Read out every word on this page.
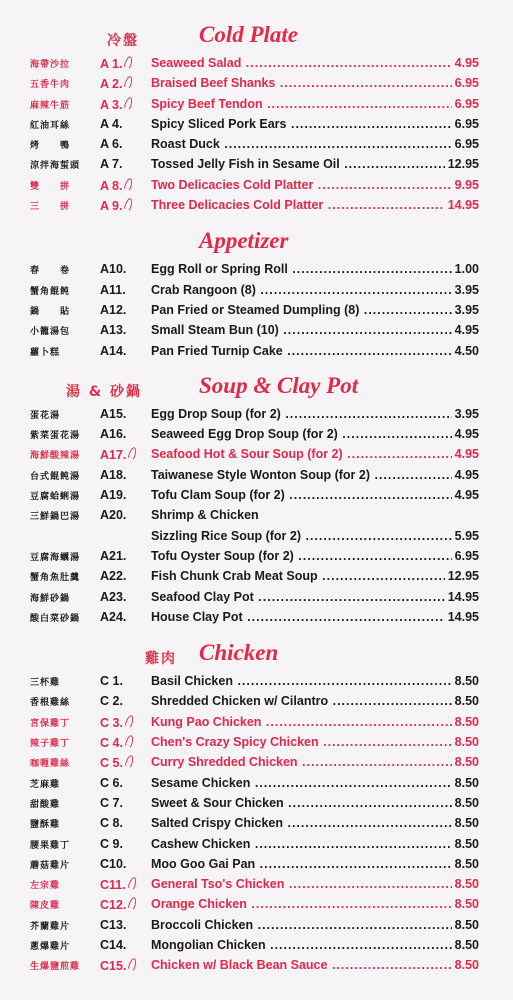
冷盤	Cold Plate
海帶沙拉	A 1.	Seaweed Salad .....	4.95
五香牛肉	A 2.	Braised Beef Shanks .....	6.95
麻辣牛筋	A 3.	Spicy Beef Tendon .....	6.95
紅油耳絲	A 4.	Spicy Sliced Pork Ears .....	6.95
烤　　鴨	A 6.	Roast Duck .....	6.95
涼拌海蜇頭	A 7.	Tossed Jelly Fish in Sesame Oil .....	12.95
雙　　拼	A 8.	Two Delicacies Cold Platter .....	9.95
三　　拼	A 9.	Three Delicacies Cold Platter .....	14.95
Appetizer
春　　卷	A10.	Egg Roll or Spring Roll .....	1.00
蟹角餛飩	A11.	Crab Rangoon (8) .....	3.95
鍋　　貼	A12.	Pan Fried or Steamed Dumpling (8) .....	3.95
小籠湯包	A13.	Small Steam Bun (10) .....	4.95
蘿卜糕	A14.	Pan Fried Turnip Cake .....	4.50
湯 & 砂鍋 Soup & Clay Pot
蛋花湯	A15.	Egg Drop Soup (for 2) .....	3.95
紫菜蛋花湯	A16.	Seaweed Egg Drop Soup (for 2) .....	4.95
海鮮酸辣湯	A17.	Seafood Hot & Sour Soup (for 2) .....	4.95
台式餛飩湯	A18.	Taiwanese Style Wonton Soup (for 2) .....	4.95
豆腐蛤蜊湯	A19.	Tofu Clam Soup (for 2) .....	4.95
三鮮鍋巴湯	A20.	Shrimp & Chicken
Sizzling Rice Soup (for 2) .....	5.95
豆腐海蠣湯	A21.	Tofu Oyster Soup (for 2) .....	6.95
蟹角魚肚羹	A22.	Fish Chunk Crab Meat Soup .....	12.95
海鮮砂鍋	A23.	Seafood Clay Pot .....	14.95
酸白菜砂鍋	A24.	House Clay Pot .....	14.95
雞肉 Chicken
三杯雞	C 1.	Basil Chicken .....	8.50
香根雞絲	C 2.	Shredded Chicken w/ Cilantro .....	8.50
宮保雞丁	C 3.	Kung Pao Chicken .....	8.50
辣子雞丁	C 4.	Chen's Crazy Spicy Chicken .....	8.50
咖喱雞絲	C 5.	Curry Shredded Chicken .....	8.50
芝麻雞	C 6.	Sesame Chicken .....	8.50
甜酸雞	C 7.	Sweet & Sour Chicken .....	8.50
鹽酥雞	C 8.	Salted Crispy Chicken .....	8.50
腰果雞丁	C 9.	Cashew Chicken .....	8.50
蘑菇雞片	C10.	Moo Goo Gai Pan .....	8.50
左宗雞	C11.	General Tso's Chicken .....	8.50
陳皮雞	C12.	Orange Chicken .....	8.50
芥蘭雞片	C13.	Broccoli Chicken .....	8.50
蔥爆雞片	C14.	Mongolian Chicken .....	8.50
生爆鹽煎雞	C15.	Chicken w/ Black Bean Sauce .....	8.50
